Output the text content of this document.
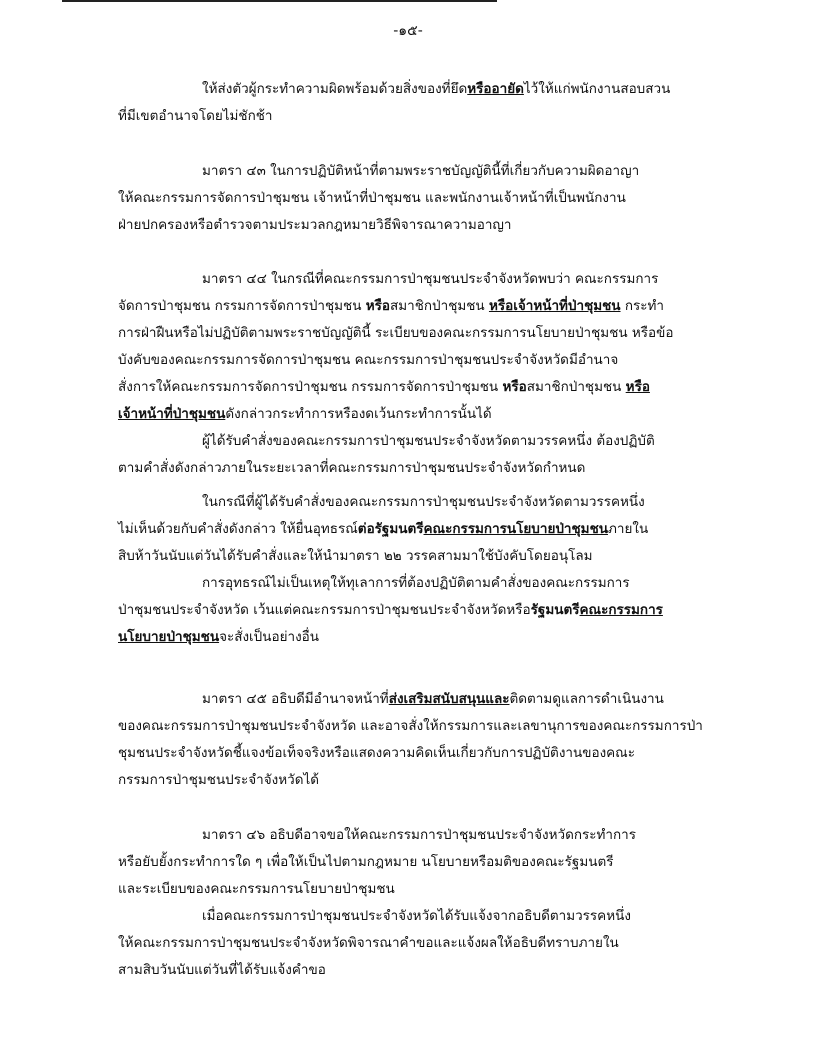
-๑๕-
ให้ส่งตัวผู้กระทำความผิดพร้อมด้วยสิ่งของที่ยึดหรืออายัดไว้ให้แก่พนักงานสอบสวน
ที่มีเขตอำนาจโดยไม่ชักช้า
มาตรา ๔๓ ในการปฏิบัติหน้าที่ตามพระราชบัญญัตินี้ที่เกี่ยวกับความผิดอาญา
ให้คณะกรรมการจัดการป่าชุมชน เจ้าหน้าที่ป่าชุมชน และพนักงานเจ้าหน้าที่เป็นพนักงาน
ฝ่ายปกครองหรือตำรวจตามประมวลกฎหมายวิธีพิจารณาความอาญา
มาตรา ๔๔ ในกรณีที่คณะกรรมการป่าชุมชนประจำจังหวัดพบว่า คณะกรรมการ
จัดการป่าชุมชน กรรมการจัดการป่าชุมชน หรือสมาชิกป่าชุมชน หรือเจ้าหน้าที่ป่าชุมชน กระทำ
การฝ่าฝืนหรือไม่ปฏิบัติตามพระราชบัญญัตินี้ ระเบียบของคณะกรรมการนโยบายป่าชุมชน หรือข้อ
บังคับของคณะกรรมการจัดการป่าชุมชน คณะกรรมการป่าชุมชนประจำจังหวัดมีอำนาจ
สั่งการให้คณะกรรมการจัดการป่าชุมชน กรรมการจัดการป่าชุมชน หรือสมาชิกป่าชุมชน หรือ
เจ้าหน้าที่ป่าชุมชนดังกล่าวกระทำการหรืองดเว้นกระทำการนั้นได้
ผู้ได้รับคำสั่งของคณะกรรมการป่าชุมชนประจำจังหวัดตามวรรคหนึ่ง ต้องปฏิบัติ
ตามคำสั่งดังกล่าวภายในระยะเวลาที่คณะกรรมการป่าชุมชนประจำจังหวัดกำหนด
ในกรณีที่ผู้ได้รับคำสั่งของคณะกรรมการป่าชุมชนประจำจังหวัดตามวรรคหนึ่ง
ไม่เห็นด้วยกับคำสั่งดังกล่าว ให้ยื่นอุทธรณ์ต่อรัฐมนตรีคณะกรรมการนโยบายป่าชุมชนภายใน
สิบห้าวันนับแต่วันได้รับคำสั่งและให้นำมาตรา ๒๒ วรรคสามมาใช้บังคับโดยอนุโลม
การอุทธรณ์ไม่เป็นเหตุให้ทุเลาการที่ต้องปฏิบัติตามคำสั่งของคณะกรรมการ
ป่าชุมชนประจำจังหวัด เว้นแต่คณะกรรมการป่าชุมชนประจำจังหวัดหรือรัฐมนตรีคณะกรรมการ
นโยบายป่าชุมชนจะสั่งเป็นอย่างอื่น
มาตรา ๔๕ อธิบดีมีอำนาจหน้าที่ส่งเสริมสนับสนุนและติดตามดูแลการดำเนินงาน
ของคณะกรรมการป่าชุมชนประจำจังหวัด และอาจสั่งให้กรรมการและเลขานุการของคณะกรรมการป่า
ชุมชนประจำจังหวัดชี้แจงข้อเท็จจริงหรือแสดงความคิดเห็นเกี่ยวกับการปฏิบัติงานของคณะ
กรรมการป่าชุมชนประจำจังหวัดได้
มาตรา ๔๖ อธิบดีอาจขอให้คณะกรรมการป่าชุมชนประจำจังหวัดกระทำการ
หรือยับยั้งกระทำการใด ๆ เพื่อให้เป็นไปตามกฎหมาย นโยบายหรือมติของคณะรัฐมนตรี
และระเบียบของคณะกรรมการนโยบายป่าชุมชน
เมื่อคณะกรรมการป่าชุมชนประจำจังหวัดได้รับแจ้งจากอธิบดีตามวรรคหนึ่ง
ให้คณะกรรมการป่าชุมชนประจำจังหวัดพิจารณาคำขอและแจ้งผลให้อธิบดีทราบภายใน
สามสิบวันนับแต่วันที่ได้รับแจ้งคำขอ
